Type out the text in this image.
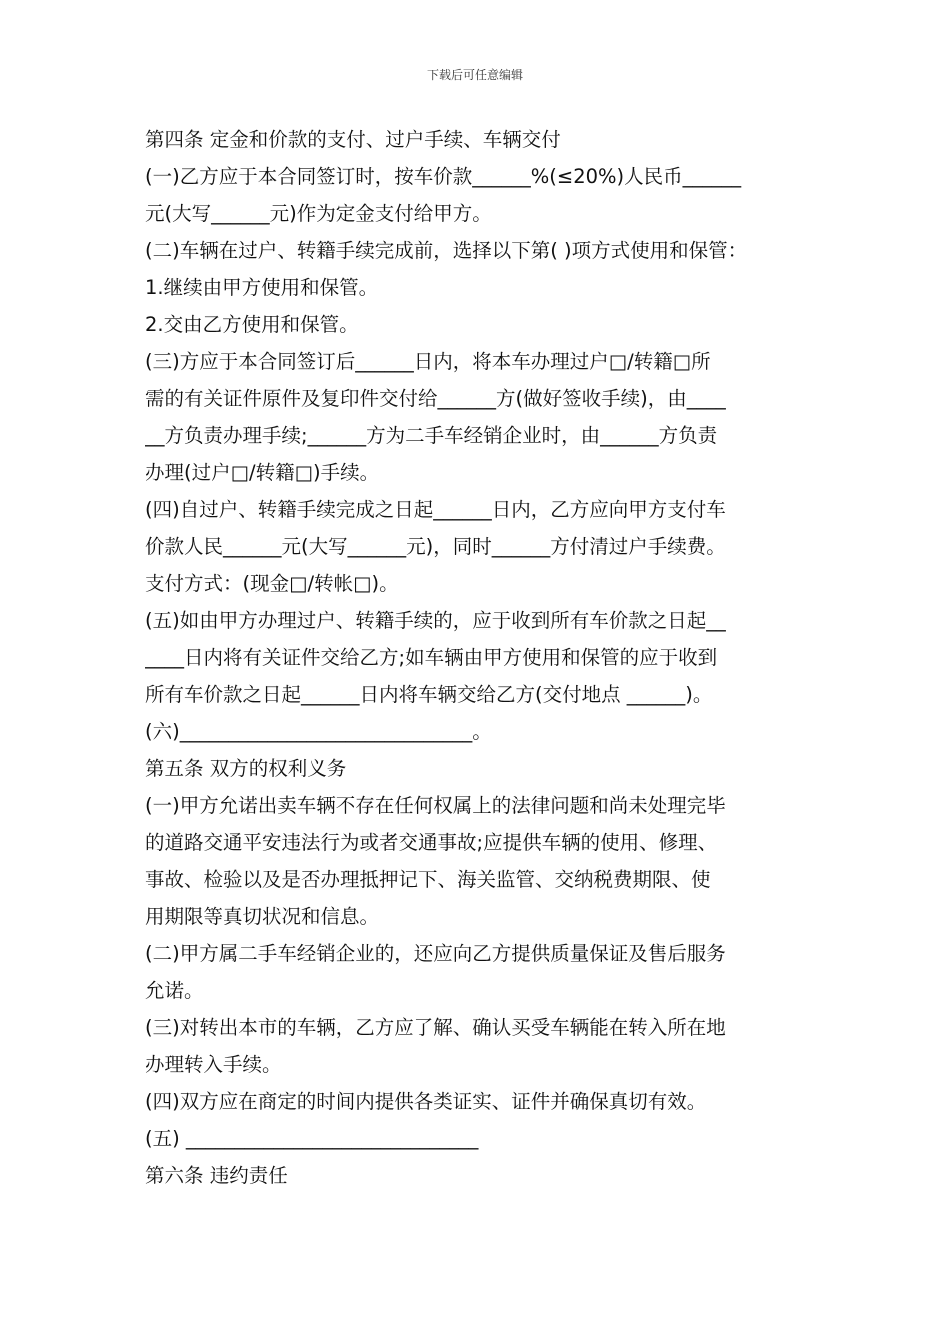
下载后可任意编辑
第四条 定金和价款的支付、过户手续、车辆交付
(一)乙方应于本合同签订时，按车价款______%(≤20%)人民币______
元(大写______元)作为定金支付给甲方。
(二)车辆在过户、转籍手续完成前，选择以下第( )项方式使用和保管：
1.继续由甲方使用和保管。
2.交由乙方使用和保管。
(三)方应于本合同签订后______日内，将本车办理过户□/转籍□所
需的有关证件原件及复印件交付给______方(做好签收手续)，由____
__方负责办理手续;______方为二手车经销企业时，由______方负责
办理(过户□/转籍□)手续。
(四)自过户、转籍手续完成之日起______日内，乙方应向甲方支付车
价款人民______元(大写______元)，同时______方付清过户手续费。
支付方式：(现金□/转帐□)。
(五)如由甲方办理过户、转籍手续的，应于收到所有车价款之日起__
____日内将有关证件交给乙方;如车辆由甲方使用和保管的应于收到
所有车价款之日起______日内将车辆交给乙方(交付地点 ______)。
(六)______________________________。
第五条 双方的权利义务
(一)甲方允诺出卖车辆不存在任何权属上的法律问题和尚未处理完毕
的道路交通平安违法行为或者交通事故;应提供车辆的使用、修理、
事故、检验以及是否办理抵押记下、海关监管、交纳税费期限、使
用期限等真切状况和信息。
(二)甲方属二手车经销企业的，还应向乙方提供质量保证及售后服务
允诺。
(三)对转出本市的车辆，乙方应了解、确认买受车辆能在转入所在地
办理转入手续。
(四)双方应在商定的时间内提供各类证实、证件并确保真切有效。
(五) ______________________________
第六条 违约责任
